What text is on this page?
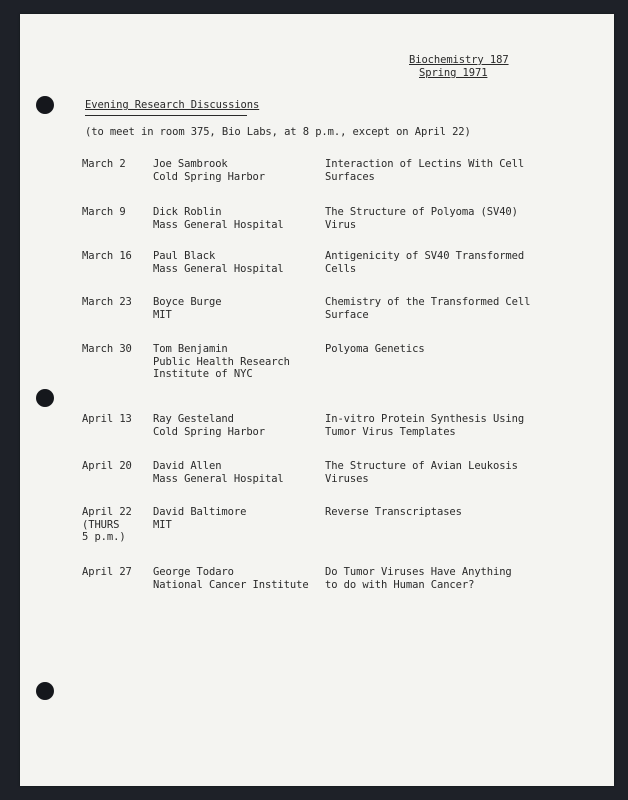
Biochemistry 187
Spring 1971
Evening Research Discussions
(to meet in room 375, Bio Labs, at 8 p.m., except on April 22)
March 2	Joe Sambrook
Cold Spring Harbor
Interaction of Lectins With Cell
Surfaces
March 9	Dick Roblin
Mass General Hospital
The Structure of Polyoma (SV40)
Virus
March 16 Paul Black
Mass General Hospital
Antigenicity of SV40 Transformed
Cells
March 23 Boyce Burge
MIT
Chemistry of the Transformed Cell
Surface
March 30 Tom Benjamin
Public Health Research
Institute of NYC
Polyoma Genetics
April 13 Ray Gesteland
Cold Spring Harbor
In-vitro Protein Synthesis Using
Tumor Virus Templates
April 20 David Allen
Mass General Hospital
The Structure of Avian Leukosis
Viruses
April 22
(THURS
5 p.m.)
David Baltimore
MIT
Reverse Transcriptases
April 27 George Todaro
National Cancer Institute
Do Tumor Viruses Have Anything
to do with Human Cancer?
